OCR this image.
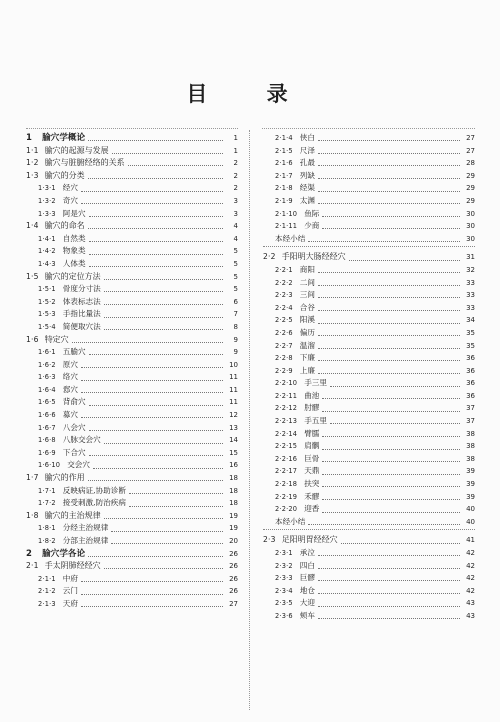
目 录
1 腧穴学概论	1
1·1 腧穴的起源与发展	1
1·2 腧穴与脏腑经络的关系	2
1·3 腧穴的分类	2
1·3·1 经穴	2
1·3·2 奇穴	3
1·3·3 阿是穴	3
1·4 腧穴的命名	4
1·4·1 自然类	4
1·4·2 物象类	5
1·4·3 人体类	5
1·5 腧穴的定位方法	5
1·5·1 骨度分寸法	5
1·5·2 体表标志法	6
1·5·3 手指比量法	7
1·5·4 简便取穴法	8
1·6 特定穴	9
1·6·1 五腧穴	9
1·6·2 原穴	10
1·6·3 络穴	11
1·6·4 郄穴	11
1·6·5 背俞穴	11
1·6·6 募穴	12
1·6·7 八会穴	13
1·6·8 八脉交会穴	14
1·6·9 下合穴	15
1·6·10 交会穴	16
1·7 腧穴的作用	18
1·7·1 反映病证,协助诊断	18
1·7·2 接受刺激,防治疾病	18
1·8 腧穴的主治规律	19
1·8·1 分经主治规律	19
1·8·2 分部主治规律	20
2 腧穴学各论	26
2·1 手太阴肺经经穴	26
2·1·1 中府	26
2·1·2 云门	26
2·1·3 天府	27
2·1·4 侠白	27
2·1·5 尺泽	27
2·1·6 孔最	28
2·1·7 列缺	29
2·1·8 经渠	29
2·1·9 太渊	29
2·1·10 鱼际	30
2·1·11 少商	30
本经小结	30
2·2 手阳明大肠经经穴	31
2·2·1 商阳	32
2·2·2 二间	33
2·2·3 三间	33
2·2·4 合谷	33
2·2·5 阳溪	34
2·2·6 偏历	35
2·2·7 温溜	35
2·2·8 下廉	36
2·2·9 上廉	36
2·2·10 手三里	36
2·2·11 曲池	36
2·2·12 肘髎	37
2·2·13 手五里	37
2·2·14 臂臑	38
2·2·15 肩髃	38
2·2·16 巨骨	38
2·2·17 天鼎	39
2·2·18 扶突	39
2·2·19 禾髎	39
2·2·20 迎香	40
本经小结	40
2·3 足阳明胃经经穴	41
2·3·1 承泣	42
2·3·2 四白	42
2·3·3 巨髎	42
2·3·4 地仓	42
2·3·5 大迎	43
2·3·6 颊车	43
